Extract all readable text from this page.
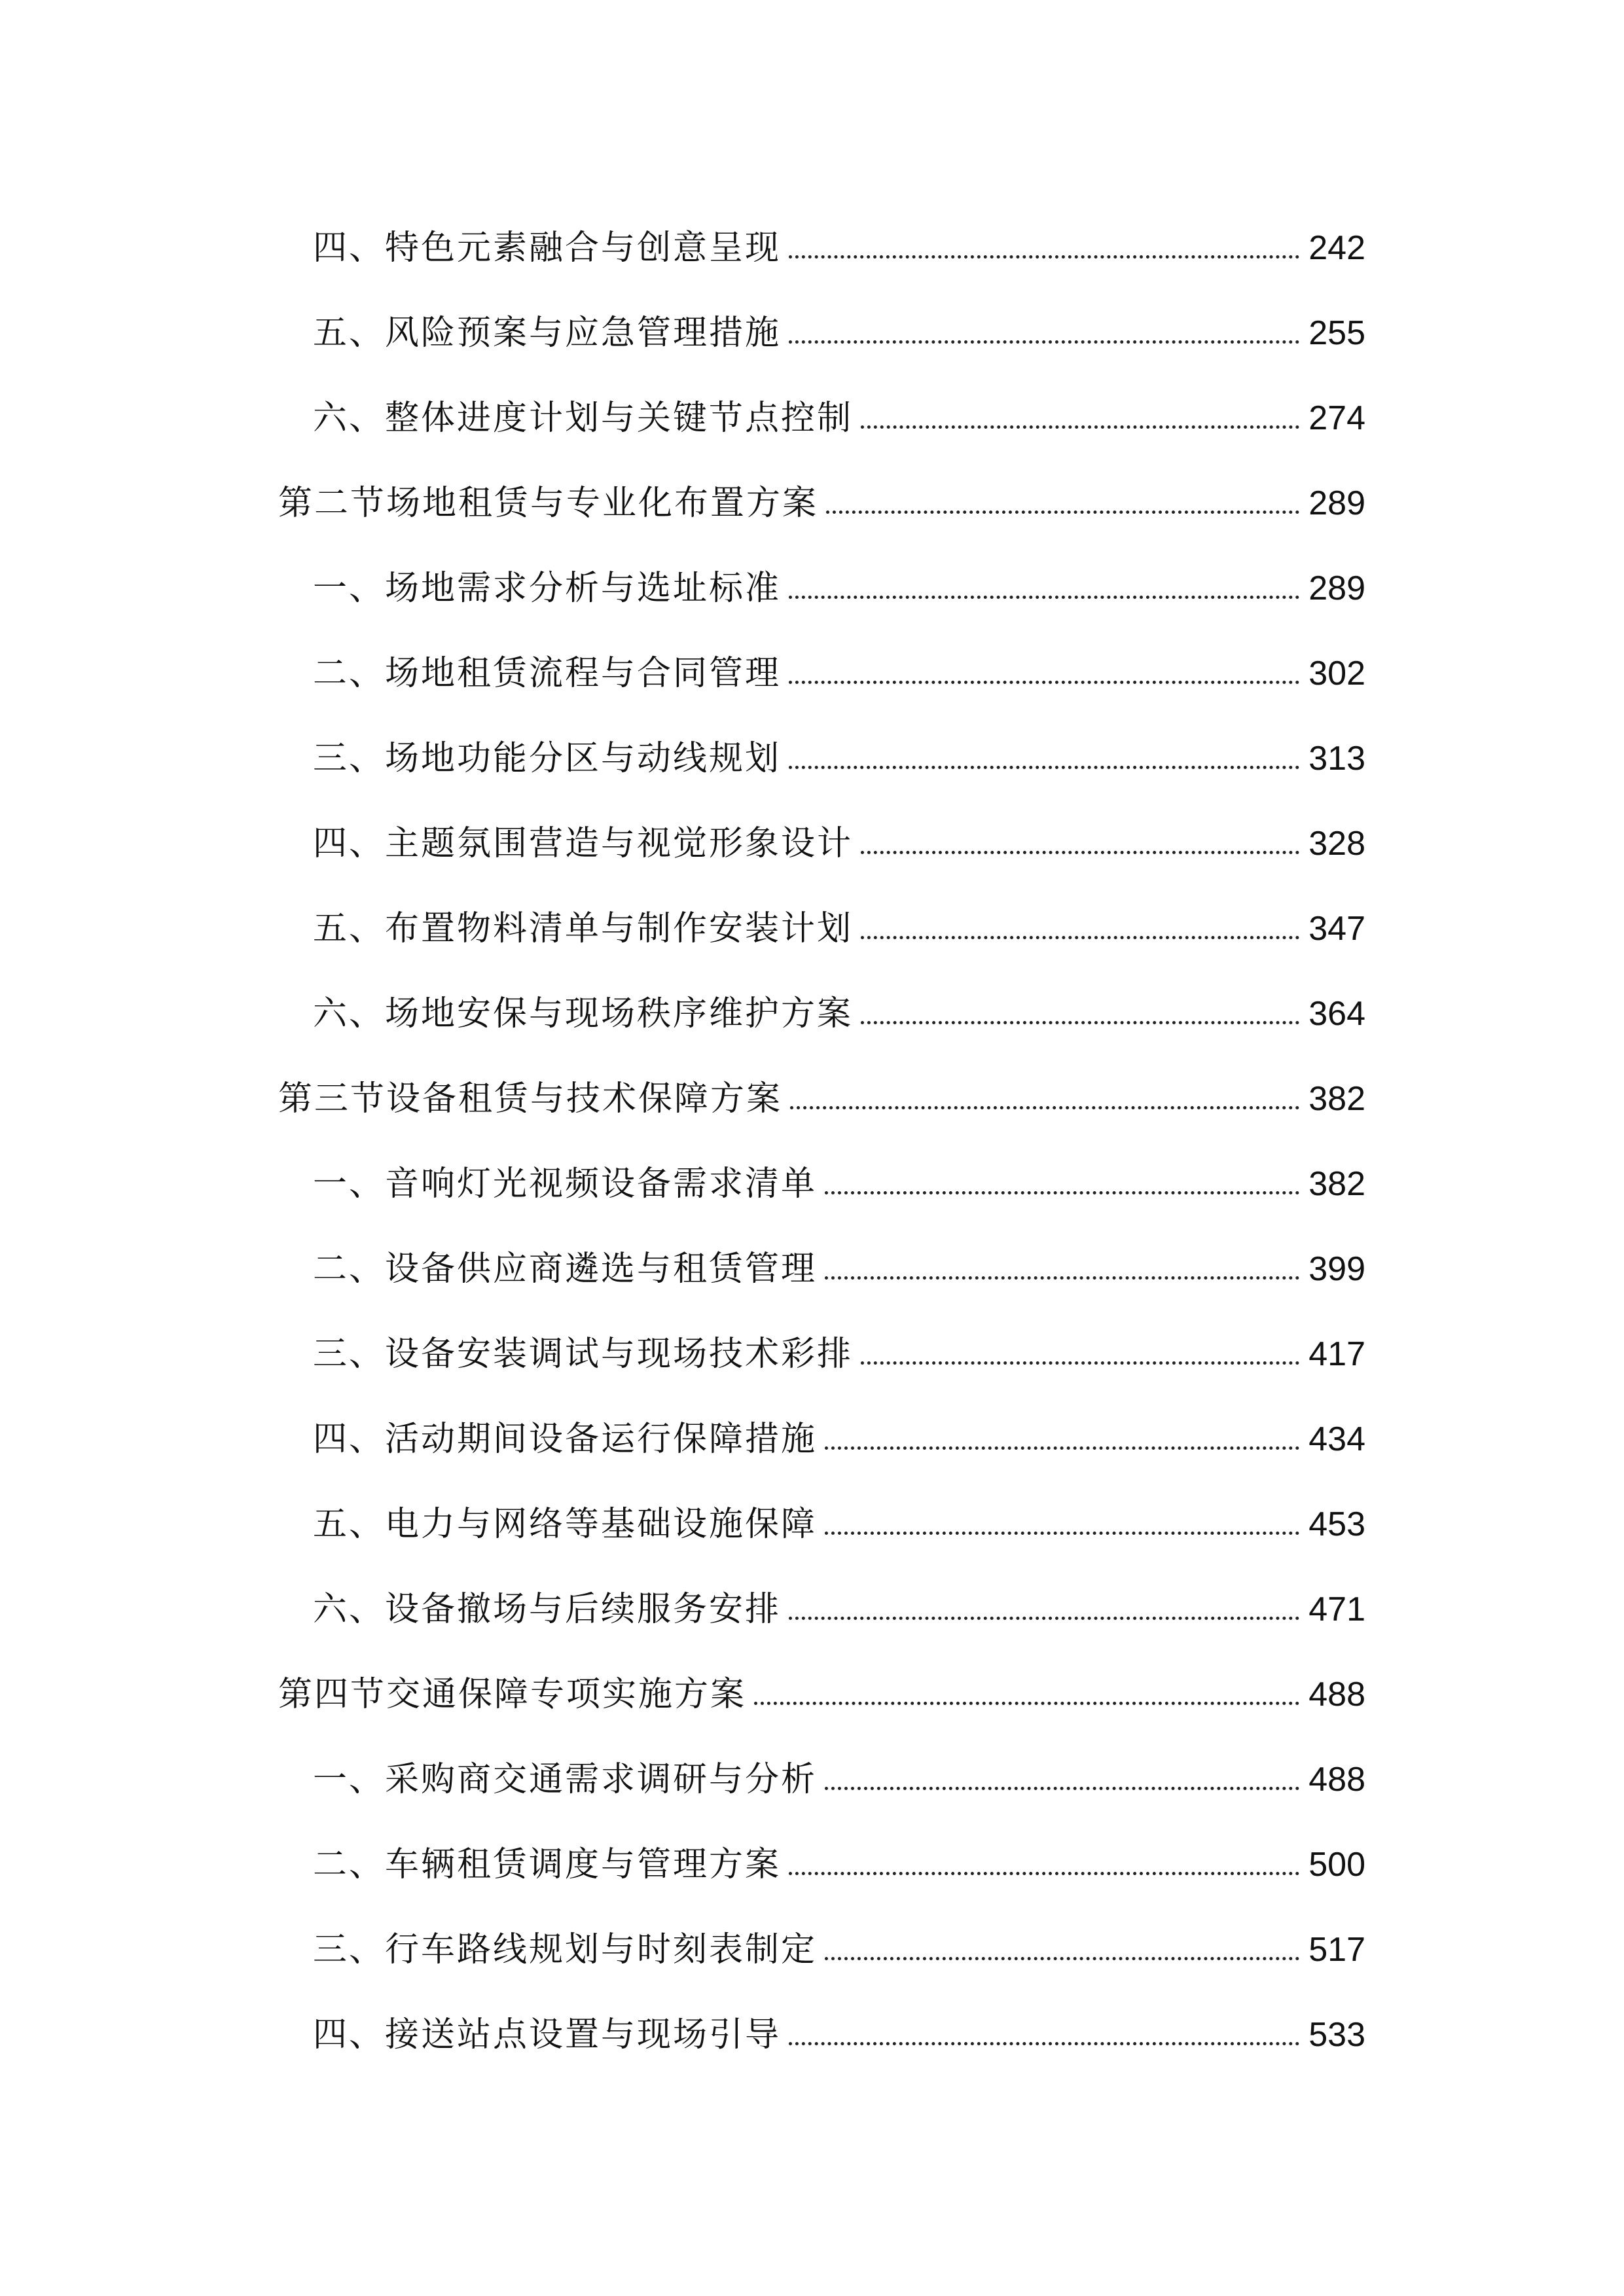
四、特色元素融合与创意呈现	242
五、风险预案与应急管理措施	255
六、整体进度计划与关键节点控制	274
第二节场地租赁与专业化布置方案	289
一、场地需求分析与选址标准	289
二、场地租赁流程与合同管理	302
三、场地功能分区与动线规划	313
四、主题氛围营造与视觉形象设计	328
五、布置物料清单与制作安装计划	347
六、场地安保与现场秩序维护方案	364
第三节设备租赁与技术保障方案	382
一、音响灯光视频设备需求清单	382
二、设备供应商遴选与租赁管理	399
三、设备安装调试与现场技术彩排	417
四、活动期间设备运行保障措施	434
五、电力与网络等基础设施保障	453
六、设备撤场与后续服务安排	471
第四节交通保障专项实施方案	488
一、采购商交通需求调研与分析	488
二、车辆租赁调度与管理方案	500
三、行车路线规划与时刻表制定	517
四、接送站点设置与现场引导	533
